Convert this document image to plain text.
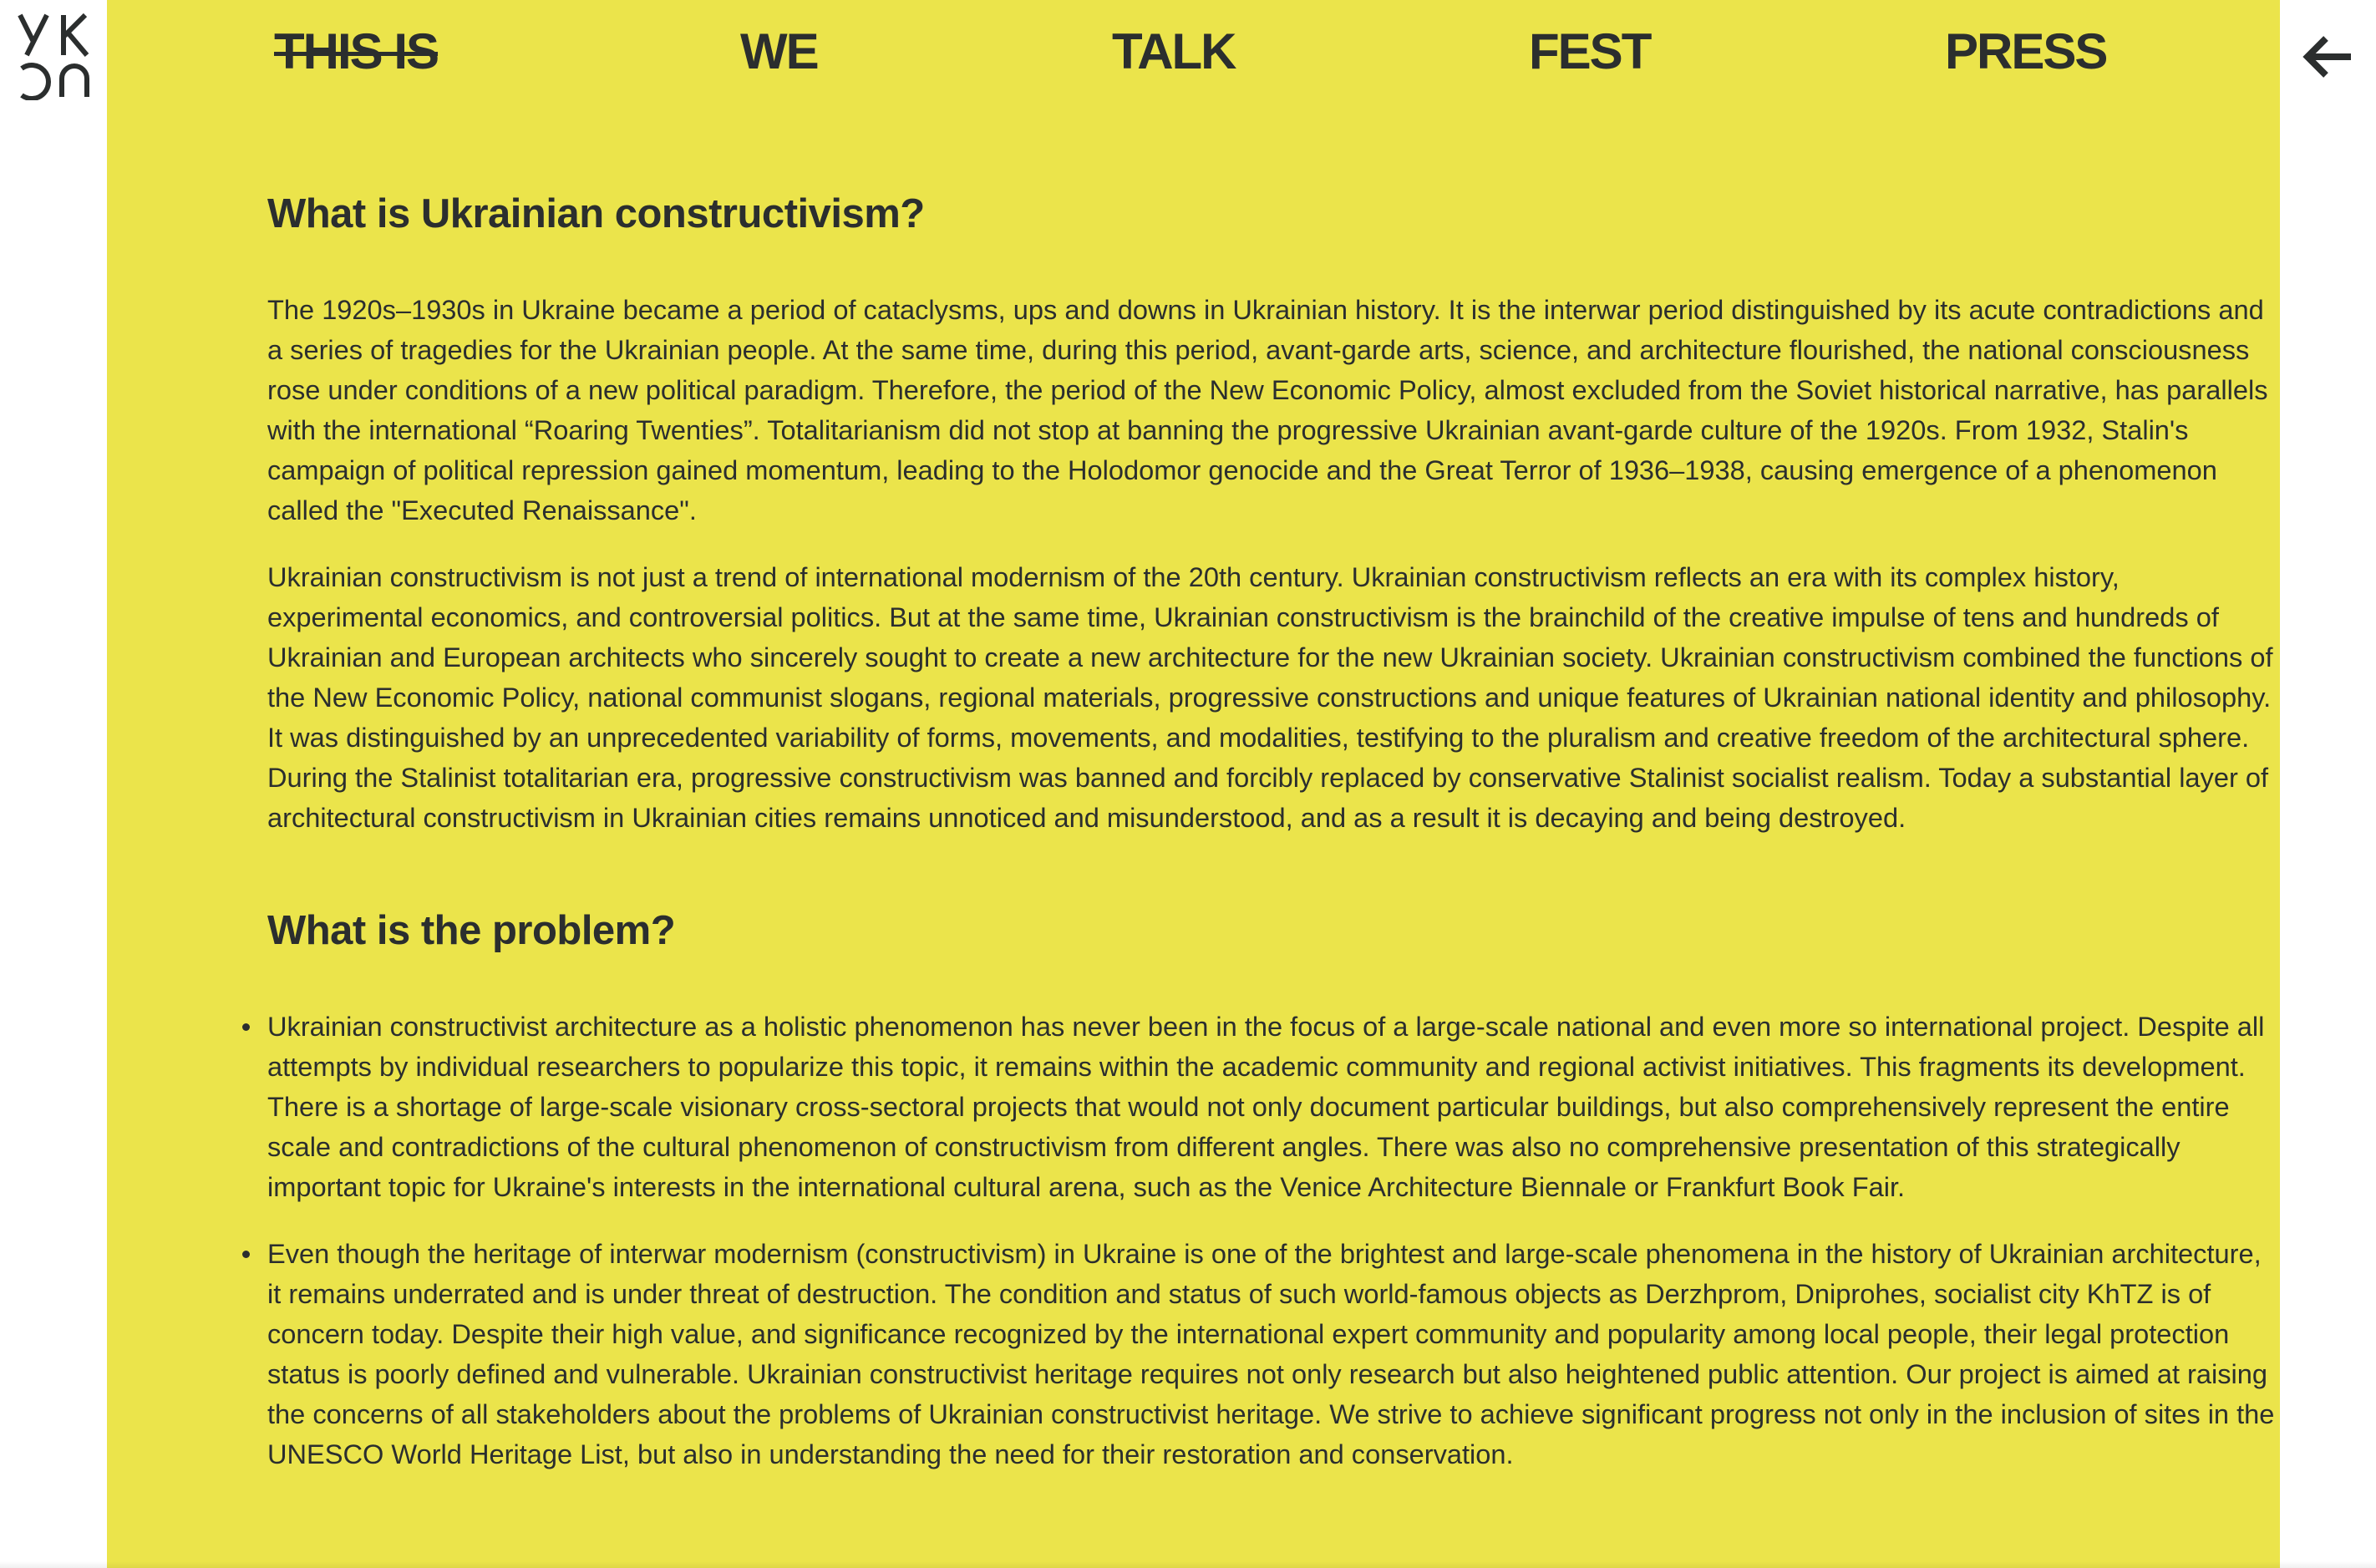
THIS IS	WE	TALK	FEST	PRESS
What is Ukrainian constructivism?

The 1920s–1930s in Ukraine became a period of cataclysms, ups and downs in Ukrainian history. It is the interwar period distinguished by its acute contradictions and a series of tragedies for the Ukrainian people. At the same time, during this period, avant-garde arts, science, and architecture flourished, the national consciousness rose under conditions of a new political paradigm. Therefore, the period of the New Economic Policy, almost excluded from the Soviet historical narrative, has parallels with the international “Roaring Twenties”. Totalitarianism did not stop at banning the progressive Ukrainian avant-garde culture of the 1920s. From 1932, Stalin's campaign of political repression gained momentum, leading to the Holodomor genocide and the Great Terror of 1936–1938, causing emergence of a phenomenon called the "Executed Renaissance".

Ukrainian constructivism is not just a trend of international modernism of the 20th century. Ukrainian constructivism reflects an era with its complex history, experimental economics, and controversial politics. But at the same time, Ukrainian constructivism is the brainchild of the creative impulse of tens and hundreds of Ukrainian and European architects who sincerely sought to create a new architecture for the new Ukrainian society. Ukrainian constructivism combined the functions of the New Economic Policy, national communist slogans, regional materials, progressive constructions and unique features of Ukrainian national identity and philosophy. It was distinguished by an unprecedented variability of forms, movements, and modalities, testifying to the pluralism and creative freedom of the architectural sphere. During the Stalinist totalitarian era, progressive constructivism was banned and forcibly replaced by conservative Stalinist socialist realism. Today a substantial layer of architectural constructivism in Ukrainian cities remains unnoticed and misunderstood, and as a result it is decaying and being destroyed.

What is the problem?
Ukrainian constructivist architecture as a holistic phenomenon has never been in the focus of a large-scale national and even more so international project. Despite all attempts by individual researchers to popularize this topic, it remains within the academic community and regional activist initiatives. This fragments its development. There is a shortage of large-scale visionary cross-sectoral projects that would not only document particular buildings, but also comprehensively represent the entire scale and contradictions of the cultural phenomenon of constructivism from different angles. There was also no comprehensive presentation of this strategically important topic for Ukraine's interests in the international cultural arena, such as the Venice Architecture Biennale or Frankfurt Book Fair.
Even though the heritage of interwar modernism (constructivism) in Ukraine is one of the brightest and large-scale phenomena in the history of Ukrainian architecture, it remains underrated and is under threat of destruction. The condition and status of such world-famous objects as Derzhprom, Dniprohes, socialist city KhTZ is of concern today. Despite their high value, and significance recognized by the international expert community and popularity among local people, their legal protection status is poorly defined and vulnerable. Ukrainian constructivist heritage requires not only research but also heightened public attention. Our project is aimed at raising the concerns of all stakeholders about the problems of Ukrainian constructivist heritage. We strive to achieve significant progress not only in the inclusion of sites in the UNESCO World Heritage List, but also in understanding the need for their restoration and conservation.
